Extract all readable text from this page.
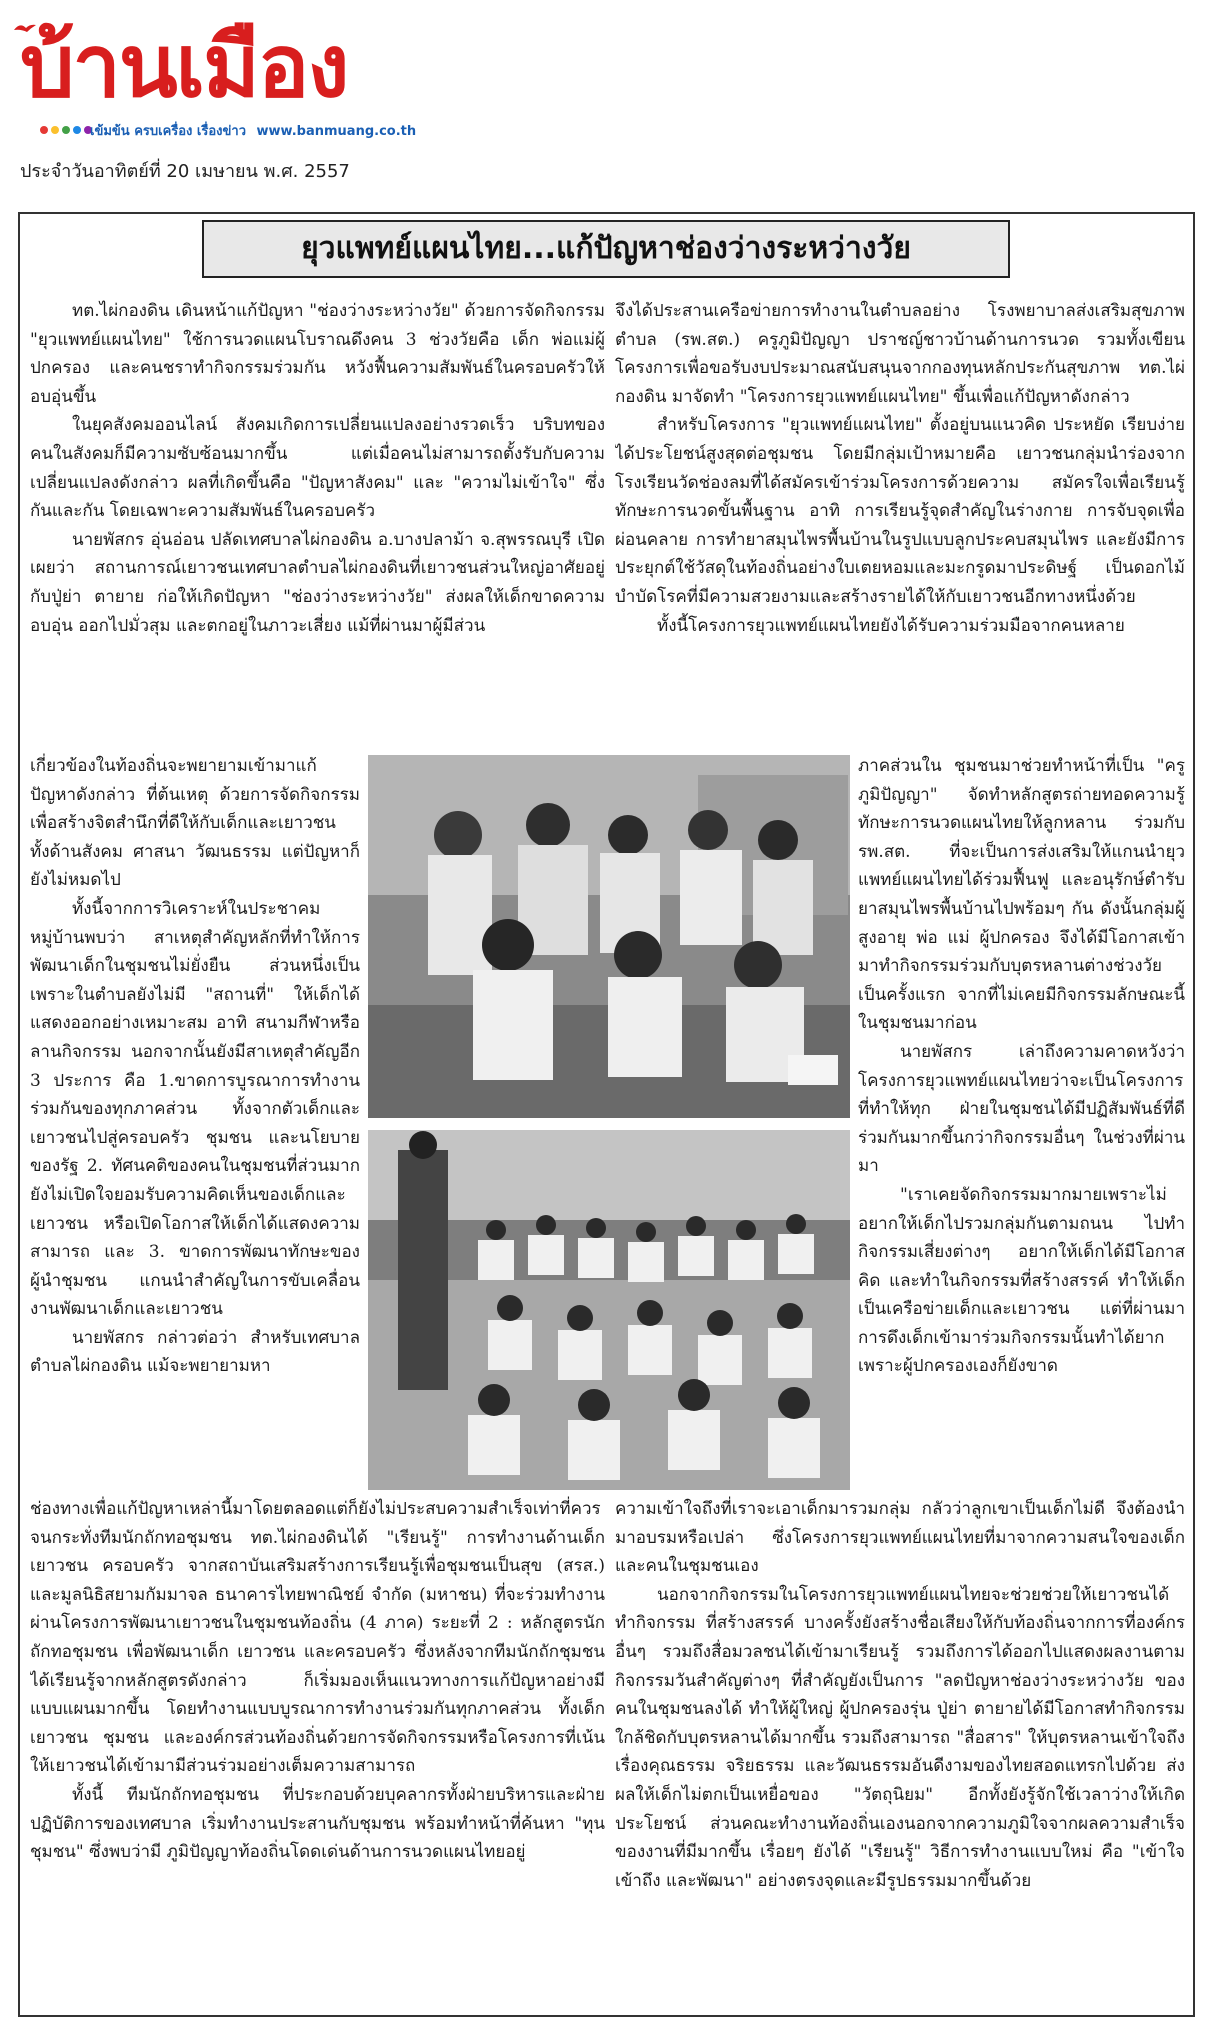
บ้านเมือง
เข้มข้น ครบเครื่อง เรื่องข่าว www.banmuang.co.th
ประจำวันอาทิตย์ที่ 20 เมษายน พ.ศ. 2557
ยุวแพทย์แผนไทย...แก้ปัญหาช่องว่างระหว่างวัย

ทต.ไผ่กองดิน เดินหน้าแก้ปัญหา "ช่องว่างระหว่างวัย" ด้วยการจัดกิจกรรม "ยุวแพทย์แผนไทย" ใช้การนวดแผนโบราณดึงคน 3 ช่วงวัยคือ เด็ก พ่อแม่ผู้ปกครอง และคนชราทำกิจกรรมร่วมกัน หวังฟื้นความสัมพันธ์ในครอบครัวให้อบอุ่นขึ้น

ในยุคสังคมออนไลน์ สังคมเกิดการเปลี่ยนแปลงอย่างรวดเร็ว บริบทของคนในสังคมก็มีความซับซ้อนมากขึ้น แต่เมื่อคนไม่สามารถตั้งรับกับความเปลี่ยนแปลงดังกล่าว ผลที่เกิดขึ้นคือ "ปัญหาสังคม" และ "ความไม่เข้าใจ" ซึ่งกันและกัน โดยเฉพาะความสัมพันธ์ในครอบครัว

นายพัสกร อุ่นอ่อน ปลัดเทศบาลไผ่กองดิน อ.บางปลาม้า จ.สุพรรณบุรี เปิดเผยว่า สถานการณ์เยาวชนเทศบาลตำบลไผ่กองดินที่เยาวชนส่วนใหญ่อาศัยอยู่กับปู่ย่า ตายาย ก่อให้เกิดปัญหา "ช่องว่างระหว่างวัย" ส่งผลให้เด็กขาดความอบอุ่น ออกไปมั่วสุม และตกอยู่ในภาวะเสี่ยง แม้ที่ผ่านมาผู้มีส่วน

เกี่ยวข้องในท้องถิ่นจะพยายามเข้ามาแก้ปัญหาดังกล่าว ที่ต้นเหตุ ด้วยการจัดกิจกรรมเพื่อสร้างจิตสำนึกที่ดีให้กับเด็กและเยาวชน ทั้งด้านสังคม ศาสนา วัฒนธรรม แต่ปัญหาก็ยังไม่หมดไป

ทั้งนี้จากการวิเคราะห์ในประชาคมหมู่บ้านพบว่า สาเหตุสำคัญหลักที่ทำให้การพัฒนาเด็กในชุมชนไม่ยั่งยืน ส่วนหนึ่งเป็นเพราะในตำบลยังไม่มี "สถานที่" ให้เด็กได้แสดงออกอย่างเหมาะสม อาทิ สนามกีฬาหรือลานกิจกรรม นอกจากนั้นยังมีสาเหตุสำคัญอีก 3 ประการ คือ 1.ขาดการบูรณาการทำงานร่วมกันของทุกภาคส่วน ทั้งจากตัวเด็กและเยาวชนไปสู่ครอบครัว ชุมชน และนโยบายของรัฐ 2. ทัศนคติของคนในชุมชนที่ส่วนมากยังไม่เปิดใจยอมรับความคิดเห็นของเด็กและเยาวชน หรือเปิดโอกาสให้เด็กได้แสดงความสามารถ และ 3. ขาดการพัฒนาทักษะของผู้นำชุมชน แกนนำสำคัญในการขับเคลื่อนงานพัฒนาเด็กและเยาวชน

นายพัสกร กล่าวต่อว่า สำหรับเทศบาลตำบลไผ่กองดิน แม้จะพยายามหา

ช่องทางเพื่อแก้ปัญหาเหล่านี้มาโดยตลอดแต่ก็ยังไม่ประสบความสำเร็จเท่าที่ควร จนกระทั่งทีมนักถักทอชุมชน ทต.ไผ่กองดินได้ "เรียนรู้" การทำงานด้านเด็ก เยาวชน ครอบครัว จากสถาบันเสริมสร้างการเรียนรู้เพื่อชุมชนเป็นสุข (สรส.) และมูลนิธิสยามกัมมาจล ธนาคารไทยพาณิชย์ จำกัด (มหาชน) ที่จะร่วมทำงานผ่านโครงการพัฒนาเยาวชนในชุมชนท้องถิ่น (4 ภาค) ระยะที่ 2 : หลักสูตรนักถักทอชุมชน เพื่อพัฒนาเด็ก เยาวชน และครอบครัว ซึ่งหลังจากทีมนักถักชุมชนได้เรียนรู้จากหลักสูตรดังกล่าว ก็เริ่มมองเห็นแนวทางการแก้ปัญหาอย่างมีแบบแผนมากขึ้น โดยทำงานแบบบูรณาการทำงานร่วมกันทุกภาคส่วน ทั้งเด็ก เยาวชน ชุมชน และองค์กรส่วนท้องถิ่นด้วยการจัดกิจกรรมหรือโครงการที่เน้นให้เยาวชนได้เข้ามามีส่วนร่วมอย่างเต็มความสามารถ

ทั้งนี้ ทีมนักถักทอชุมชน ที่ประกอบด้วยบุคลากรทั้งฝ่ายบริหารและฝ่ายปฏิบัติการของเทศบาล เริ่มทำงานประสานกับชุมชน พร้อมทำหน้าที่ค้นหา "ทุนชุมชน" ซึ่งพบว่ามี ภูมิปัญญาท้องถิ่นโดดเด่นด้านการนวดแผนไทยอยู่

จึงได้ประสานเครือข่ายการทำงานในตำบลอย่าง โรงพยาบาลส่งเสริมสุขภาพตำบล (รพ.สต.) ครูภูมิปัญญา ปราชญ์ชาวบ้านด้านการนวด รวมทั้งเขียนโครงการเพื่อขอรับงบประมาณสนับสนุนจากกองทุนหลักประกันสุขภาพ ทต.ไผ่กองดิน มาจัดทำ "โครงการยุวแพทย์แผนไทย" ขึ้นเพื่อแก้ปัญหาดังกล่าว

สำหรับโครงการ "ยุวแพทย์แผนไทย" ตั้งอยู่บนแนวคิด ประหยัด เรียบง่าย ได้ประโยชน์สูงสุดต่อชุมชน โดยมีกลุ่มเป้าหมายคือ เยาวชนกลุ่มนำร่องจากโรงเรียนวัดช่องลมที่ได้สมัครเข้าร่วมโครงการด้วยความ สมัครใจเพื่อเรียนรู้ทักษะการนวดขั้นพื้นฐาน อาทิ การเรียนรู้จุดสำคัญในร่างกาย การจับจุดเพื่อผ่อนคลาย การทำยาสมุนไพรพื้นบ้านในรูปแบบลูกประคบสมุนไพร และยังมีการประยุกต์ใช้วัสดุในท้องถิ่นอย่างใบเตยหอมและมะกรูดมาประดิษฐ์ เป็นดอกไม้บำบัดโรคที่มีความสวยงามและสร้างรายได้ให้กับเยาวชนอีกทางหนึ่งด้วย

ทั้งนี้โครงการยุวแพทย์แผนไทยยังได้รับความร่วมมือจากคนหลาย

ภาคส่วนใน ชุมชนมาช่วยทำหน้าที่เป็น "ครูภูมิปัญญา" จัดทำหลักสูตรถ่ายทอดความรู้ ทักษะการนวดแผนไทยให้ลูกหลาน ร่วมกับ รพ.สต. ที่จะเป็นการส่งเสริมให้แกนนำยุวแพทย์แผนไทยได้ร่วมฟื้นฟู และอนุรักษ์ตำรับยาสมุนไพรพื้นบ้านไปพร้อมๆ กัน ดังนั้นกลุ่มผู้สูงอายุ พ่อ แม่ ผู้ปกครอง จึงได้มีโอกาสเข้ามาทำกิจกรรมร่วมกับบุตรหลานต่างช่วงวัยเป็นครั้งแรก จากที่ไม่เคยมีกิจกรรมลักษณะนี้ในชุมชนมาก่อน

นายพัสกร เล่าถึงความคาดหวังว่าโครงการยุวแพทย์แผนไทยว่าจะเป็นโครงการที่ทำให้ทุก ฝ่ายในชุมชนได้มีปฏิสัมพันธ์ที่ดีร่วมกันมากขึ้นกว่ากิจกรรมอื่นๆ ในช่วงที่ผ่านมา

"เราเคยจัดกิจกรรมมากมายเพราะไม่อยากให้เด็กไปรวมกลุ่มกันตามถนน ไปทำกิจกรรมเสี่ยงต่างๆ อยากให้เด็กได้มีโอกาสคิด และทำในกิจกรรมที่สร้างสรรค์ ทำให้เด็กเป็นเครือข่ายเด็กและเยาวชน แต่ที่ผ่านมาการดึงเด็กเข้ามาร่วมกิจกรรมนั้นทำได้ยาก เพราะผู้ปกครองเองก็ยังขาด

ความเข้าใจถึงที่เราจะเอาเด็กมารวมกลุ่ม กลัวว่าลูกเขาเป็นเด็กไม่ดี จึงต้องนำมาอบรมหรือเปล่า ซึ่งโครงการยุวแพทย์แผนไทยที่มาจากความสนใจของเด็ก และคนในชุมชนเอง

นอกจากกิจกรรมในโครงการยุวแพทย์แผนไทยจะช่วยช่วยให้เยาวชนได้ทำกิจกรรม ที่สร้างสรรค์ บางครั้งยังสร้างชื่อเสียงให้กับท้องถิ่นจากการที่องค์กรอื่นๆ รวมถึงสื่อมวลชนได้เข้ามาเรียนรู้ รวมถึงการได้ออกไปแสดงผลงานตามกิจกรรมวันสำคัญต่างๆ ที่สำคัญยังเป็นการ "ลดปัญหาช่องว่างระหว่างวัย ของคนในชุมชนลงได้ ทำให้ผู้ใหญ่ ผู้ปกครองรุ่น ปู่ย่า ตายายได้มีโอกาสทำกิจกรรมใกล้ชิดกับบุตรหลานได้มากขึ้น รวมถึงสามารถ "สื่อสาร" ให้บุตรหลานเข้าใจถึงเรื่องคุณธรรม จริยธรรม และวัฒนธรรมอันดีงามของไทยสอดแทรกไปด้วย ส่งผลให้เด็กไม่ตกเป็นเหยื่อของ "วัตถุนิยม" อีกทั้งยังรู้จักใช้เวลาว่างให้เกิดประโยชน์ ส่วนคณะทำงานท้องถิ่นเองนอกจากความภูมิใจจากผลความสำเร็จของงานที่มีมากขึ้น เรื่อยๆ ยังได้ "เรียนรู้" วิธีการทำงานแบบใหม่ คือ "เข้าใจ เข้าถึง และพัฒนา" อย่างตรงจุดและมีรูปธรรมมากขึ้นด้วย
